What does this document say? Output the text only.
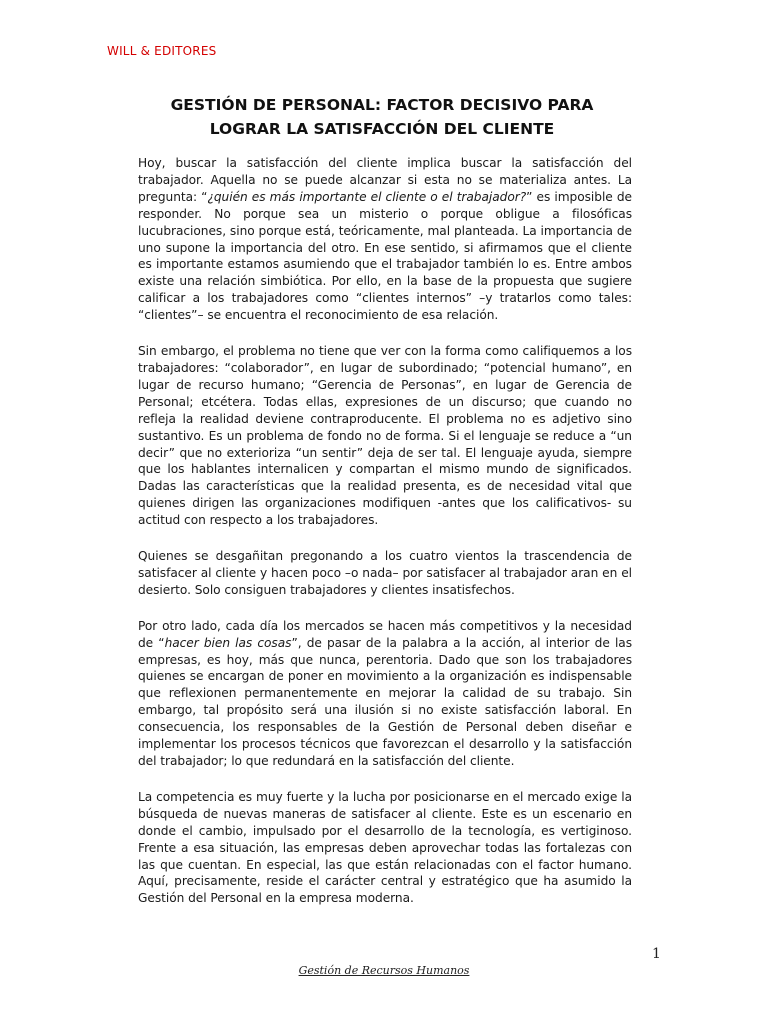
WILL & EDITORES

GESTIÓN DE PERSONAL: FACTOR DECISIVO PARA
LOGRAR LA SATISFACCIÓN DEL CLIENTE

Hoy, buscar la satisfacción del cliente implica buscar la satisfacción del trabajador. Aquella no se puede alcanzar si esta no se materializa antes. La pregunta: “¿quién es más importante el cliente o el trabajador?” es imposible de responder. No porque sea un misterio o porque obligue a filosóficas lucubraciones, sino porque está, teóricamente, mal planteada. La importancia de uno supone la importancia del otro. En ese sentido, si afirmamos que el cliente es importante estamos asumiendo que el trabajador también lo es. Entre ambos existe una relación simbiótica. Por ello, en la base de la propuesta que sugiere calificar a los trabajadores como “clientes internos” –y tratarlos como tales: “clientes”– se encuentra el reconocimiento de esa relación.

Sin embargo, el problema no tiene que ver con la forma como califiquemos a los trabajadores: “colaborador”, en lugar de subordinado; “potencial humano”, en lugar de recurso humano; “Gerencia de Personas”, en lugar de Gerencia de Personal; etcétera. Todas ellas, expresiones de un discurso; que cuando no refleja la realidad deviene contraproducente. El problema no es adjetivo sino sustantivo. Es un problema de fondo no de forma. Si el lenguaje se reduce a “un decir” que no exterioriza “un sentir” deja de ser tal. El lenguaje ayuda, siempre que los hablantes internalicen y compartan el mismo mundo de significados. Dadas las características que la realidad presenta, es de necesidad vital que quienes dirigen las organizaciones modifiquen -antes que los calificativos- su actitud con respecto a los trabajadores.

Quienes se desgañitan pregonando a los cuatro vientos la trascendencia de satisfacer al cliente y hacen poco –o nada– por satisfacer al trabajador aran en el desierto. Solo consiguen trabajadores y clientes insatisfechos.

Por otro lado, cada día los mercados se hacen más competitivos y la necesidad de “hacer bien las cosas”, de pasar de la palabra a la acción, al interior de las empresas, es hoy, más que nunca, perentoria. Dado que son los trabajadores quienes se encargan de poner en movimiento a la organización es indispensable que reflexionen permanentemente en mejorar la calidad de su trabajo. Sin embargo, tal propósito será una ilusión si no existe satisfacción laboral. En consecuencia, los responsables de la Gestión de Personal deben diseñar e implementar los procesos técnicos que favorezcan el desarrollo y la satisfacción del trabajador; lo que redundará en la satisfacción del cliente.

La competencia es muy fuerte y la lucha por posicionarse en el mercado exige la búsqueda de nuevas maneras de satisfacer al cliente. Este es un escenario en donde el cambio, impulsado por el desarrollo de la tecnología, es vertiginoso. Frente a esa situación, las empresas deben aprovechar todas las fortalezas con las que cuentan. En especial, las que están relacionadas con el factor humano. Aquí, precisamente, reside el carácter central y estratégico que ha asumido la Gestión del Personal en la empresa moderna.

1

Gestión de Recursos Humanos
